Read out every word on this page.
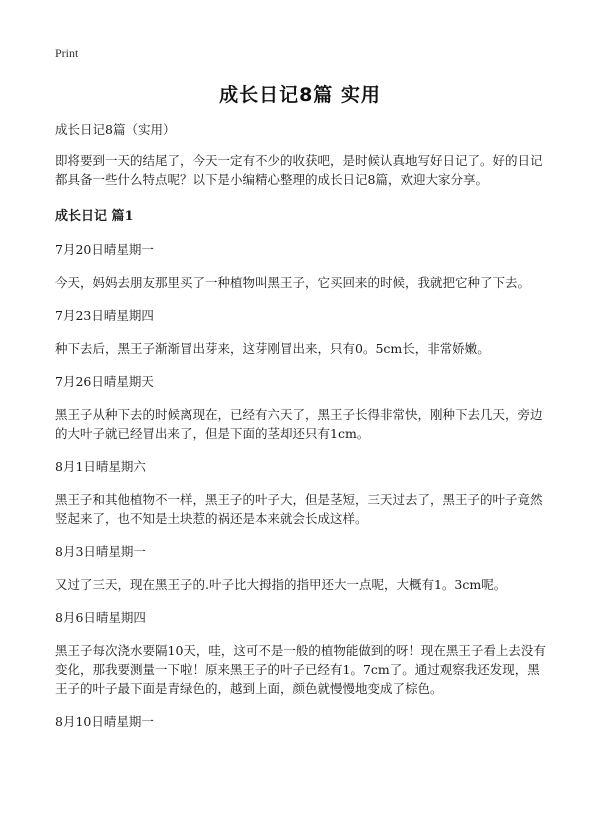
Print
成长日记8篇 实用

成长日记8篇（实用）

即将要到一天的结尾了，今天一定有不少的收获吧，是时候认真地写好日记了。好的日记都具备一些什么特点呢？以下是小编精心整理的成长日记8篇，欢迎大家分享。

成长日记 篇1

7月20日晴星期一

今天，妈妈去朋友那里买了一种植物叫黑王子，它买回来的时候，我就把它种了下去。

7月23日晴星期四

种下去后，黑王子渐渐冒出芽来，这芽刚冒出来，只有0。5cm长，非常娇嫩。

7月26日晴星期天

黑王子从种下去的时候离现在，已经有六天了，黑王子长得非常快，刚种下去几天，旁边的大叶子就已经冒出来了，但是下面的茎却还只有1cm。

8月1日晴星期六

黑王子和其他植物不一样，黑王子的叶子大，但是茎短，三天过去了，黑王子的叶子竟然竖起来了，也不知是土块惹的祸还是本来就会长成这样。

8月3日晴星期一

又过了三天，现在黑王子的.叶子比大拇指的指甲还大一点呢，大概有1。3cm呢。

8月6日晴星期四

黑王子每次浇水要隔10天，哇，这可不是一般的植物能做到的呀！现在黑王子看上去没有变化，那我要测量一下啦！原来黑王子的叶子已经有1。7cm了。通过观察我还发现，黑王子的叶子最下面是青绿色的，越到上面，颜色就慢慢地变成了棕色。

8月10日晴星期一
